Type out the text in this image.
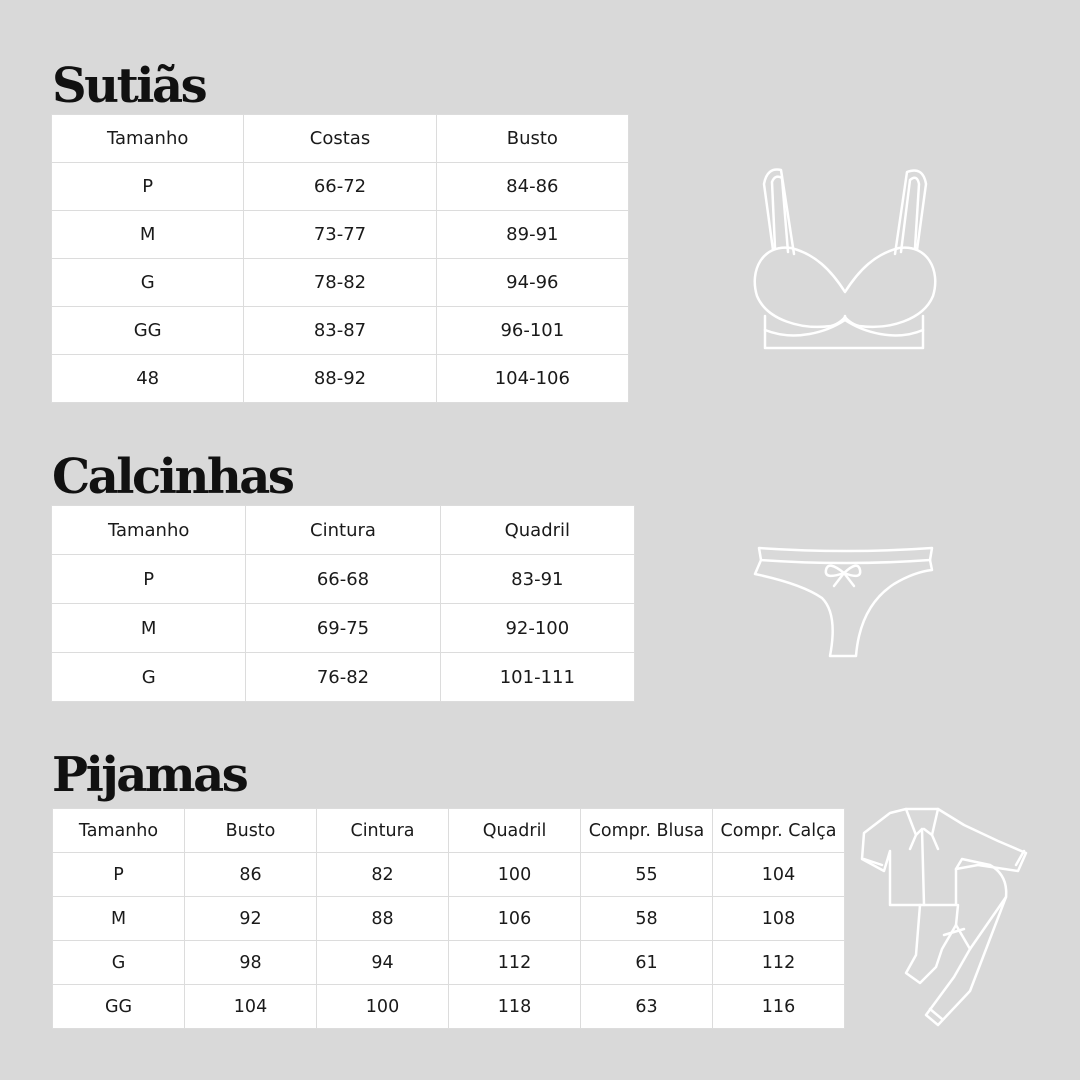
Sutiãs
Tamanho	Costas	Busto
P	66-72	84-86
M	73-77	89-91
G	78-82	94-96
GG	83-87	96-101
48	88-92	104-106
Calcinhas
Tamanho	Cintura	Quadril
P	66-68	83-91
M	69-75	92-100
G	76-82	101-111
Pijamas
Tamanho	Busto	Cintura	Quadril	Compr. Blusa	Compr. Calça
P	86	82	100	55	104
M	92	88	106	58	108
G	98	94	112	61	112
GG	104	100	118	63	116
